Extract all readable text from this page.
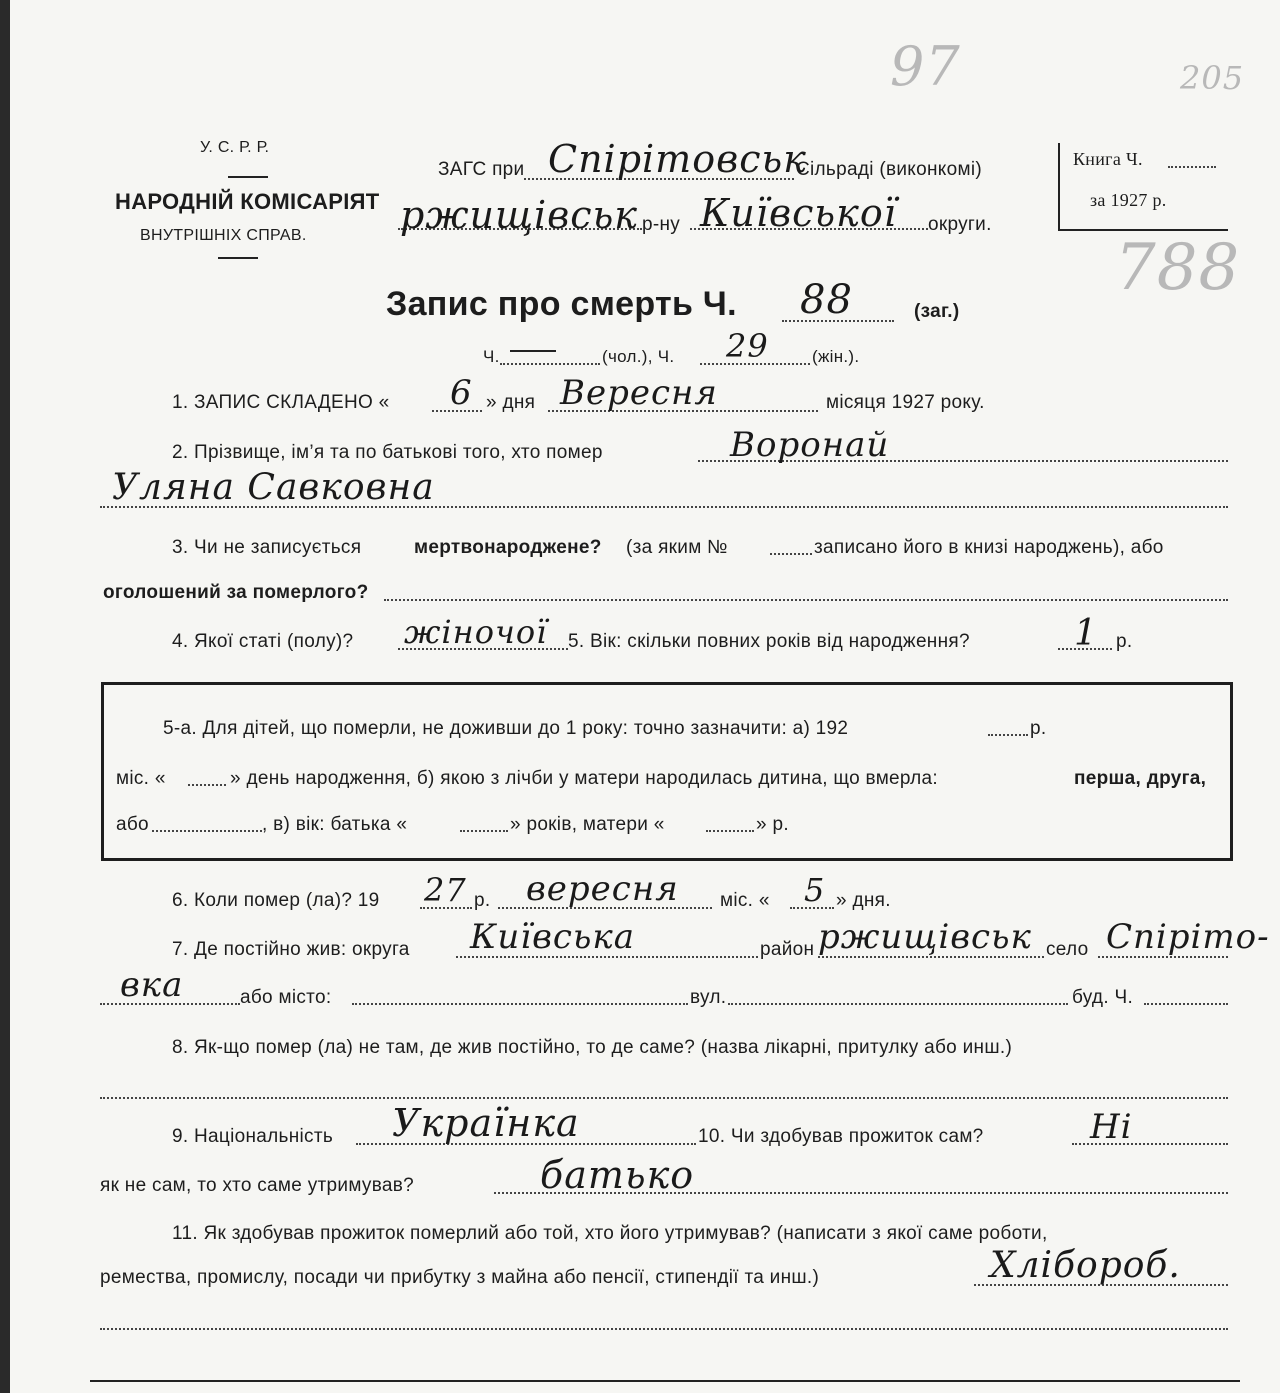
97	205
788
У. С. Р. Р.
НАРОДНІЙ КОМІСАРІЯТ
ВНУТРІШНІХ СПРАВ.
ЗАГС при Спірітовськ
Сільраді (виконкомі)
ржищівськ р-ну Київської округи.
Книга Ч.
за 1927 р.
Запис про смерть Ч. 88	(заг.)
Ч.	(чол.), Ч. 29	(жін.).
1. ЗАПИС СКЛАДЕНО « 6 » дня Вересня	місяця 1927 року.
2. Прізвище, ім’я та по батькові того, хто помер	Воронай
Уляна Савковна
3. Чи не записується	мертвонароджене? (за яким №	записано його в книзі народжень), або
оголошений за померлого?
4. Якої статі (полу)? жіночої 5. Вік: скільки повних років від народження?	1 р.
5-а. Для дітей, що померли, не доживши до 1 року: точно зазначити: а) 192	р.
міс. «	» день народження, б) якою з лічби у матери народилась дитина, що вмерла:	перша, друга,
або	, в) вік: батька «	» років, матери «	» р.
6. Коли помер (ла)? 19 27 р. вересня міс. « 5 » дня.
7. Де постійно жив: округа Київська	район ржищівськ село Спіріто-
вка	або місто:	вул.	буд. Ч.
8. Як-що помер (ла) не там, де жив постійно, то де саме? (назва лікарні, притулку або инш.)
9. Національність Українка	10. Чи здобував прожиток сам?	Ні
як не сам, то хто саме утримував?	батько
11. Як здобував прожиток померлий або той, хто його утримував? (написати з якої саме роботи,
ремества, промислу, посади чи прибутку з майна або пенсії, стипендії та инш.)	Хлібороб.
